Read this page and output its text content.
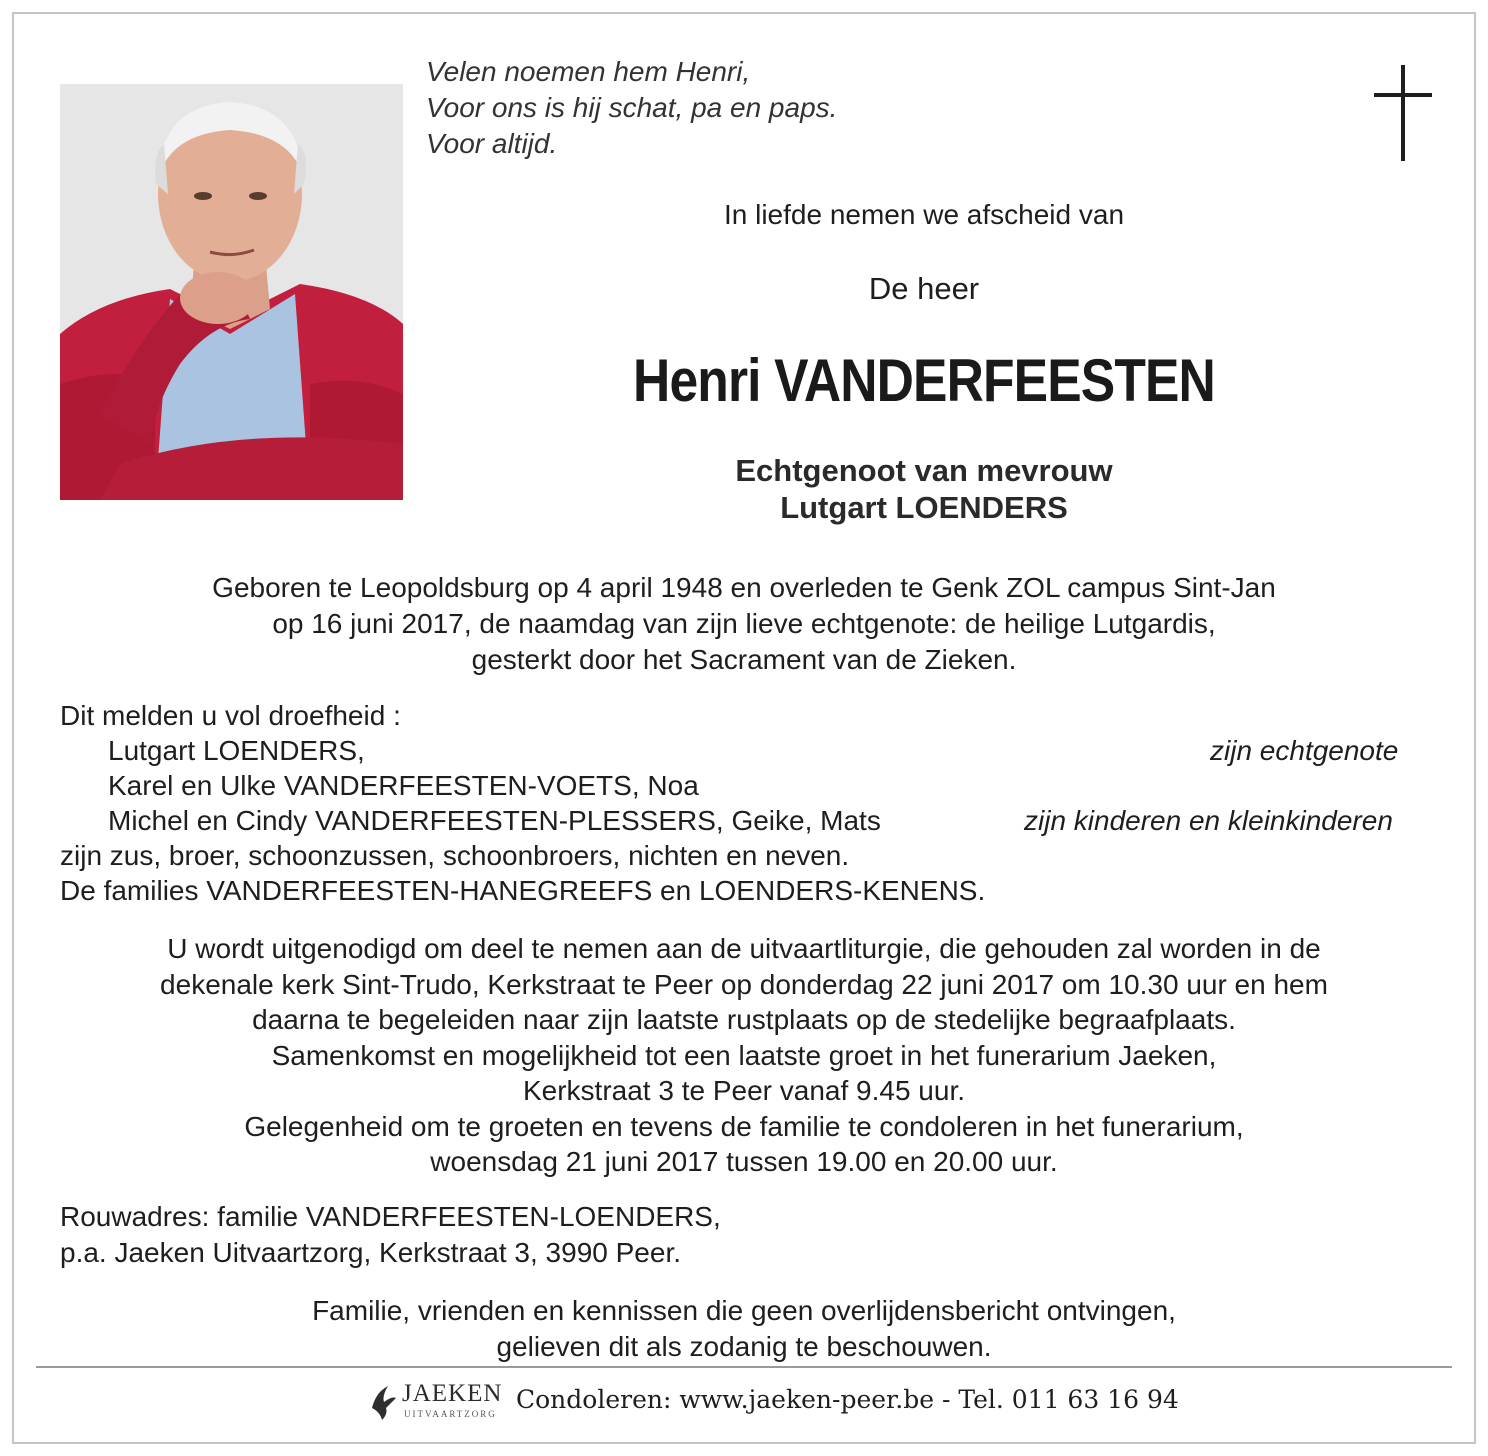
Velen noemen hem Henri,
Voor ons is hij schat, pa en paps.
Voor altijd.
In liefde nemen we afscheid van
De heer
Henri VANDERFEESTEN
Echtgenoot van mevrouw
Lutgart LOENDERS
Geboren te Leopoldsburg op 4 april 1948 en overleden te Genk ZOL campus Sint-Jan
op 16 juni 2017, de naamdag van zijn lieve echtgenote: de heilige Lutgardis,
gesterkt door het Sacrament van de Zieken.
Dit melden u vol droefheid :
Lutgart LOENDERS,	zijn echtgenote
Karel en Ulke VANDERFEESTEN-VOETS, Noa
Michel en Cindy VANDERFEESTEN-PLESSERS, Geike, Mats	zijn kinderen en kleinkinderen
zijn zus, broer, schoonzussen, schoonbroers, nichten en neven.
De families VANDERFEESTEN-HANEGREEFS en LOENDERS-KENENS.
U wordt uitgenodigd om deel te nemen aan de uitvaartliturgie, die gehouden zal worden in de
dekenale kerk Sint-Trudo, Kerkstraat te Peer op donderdag 22 juni 2017 om 10.30 uur en hem
daarna te begeleiden naar zijn laatste rustplaats op de stedelijke begraafplaats.
Samenkomst en mogelijkheid tot een laatste groet in het funerarium Jaeken,
Kerkstraat 3 te Peer vanaf 9.45 uur.
Gelegenheid om te groeten en tevens de familie te condoleren in het funerarium,
woensdag 21 juni 2017 tussen 19.00 en 20.00 uur.
Rouwadres: familie VANDERFEESTEN-LOENDERS,
p.a. Jaeken Uitvaartzorg, Kerkstraat 3, 3990 Peer.
Familie, vrienden en kennissen die geen overlijdensbericht ontvingen,
gelieven dit als zodanig te beschouwen.
JAEKEN
UITVAARTZORG Condoleren: www.jaeken-peer.be - Tel. 011 63 16 94
